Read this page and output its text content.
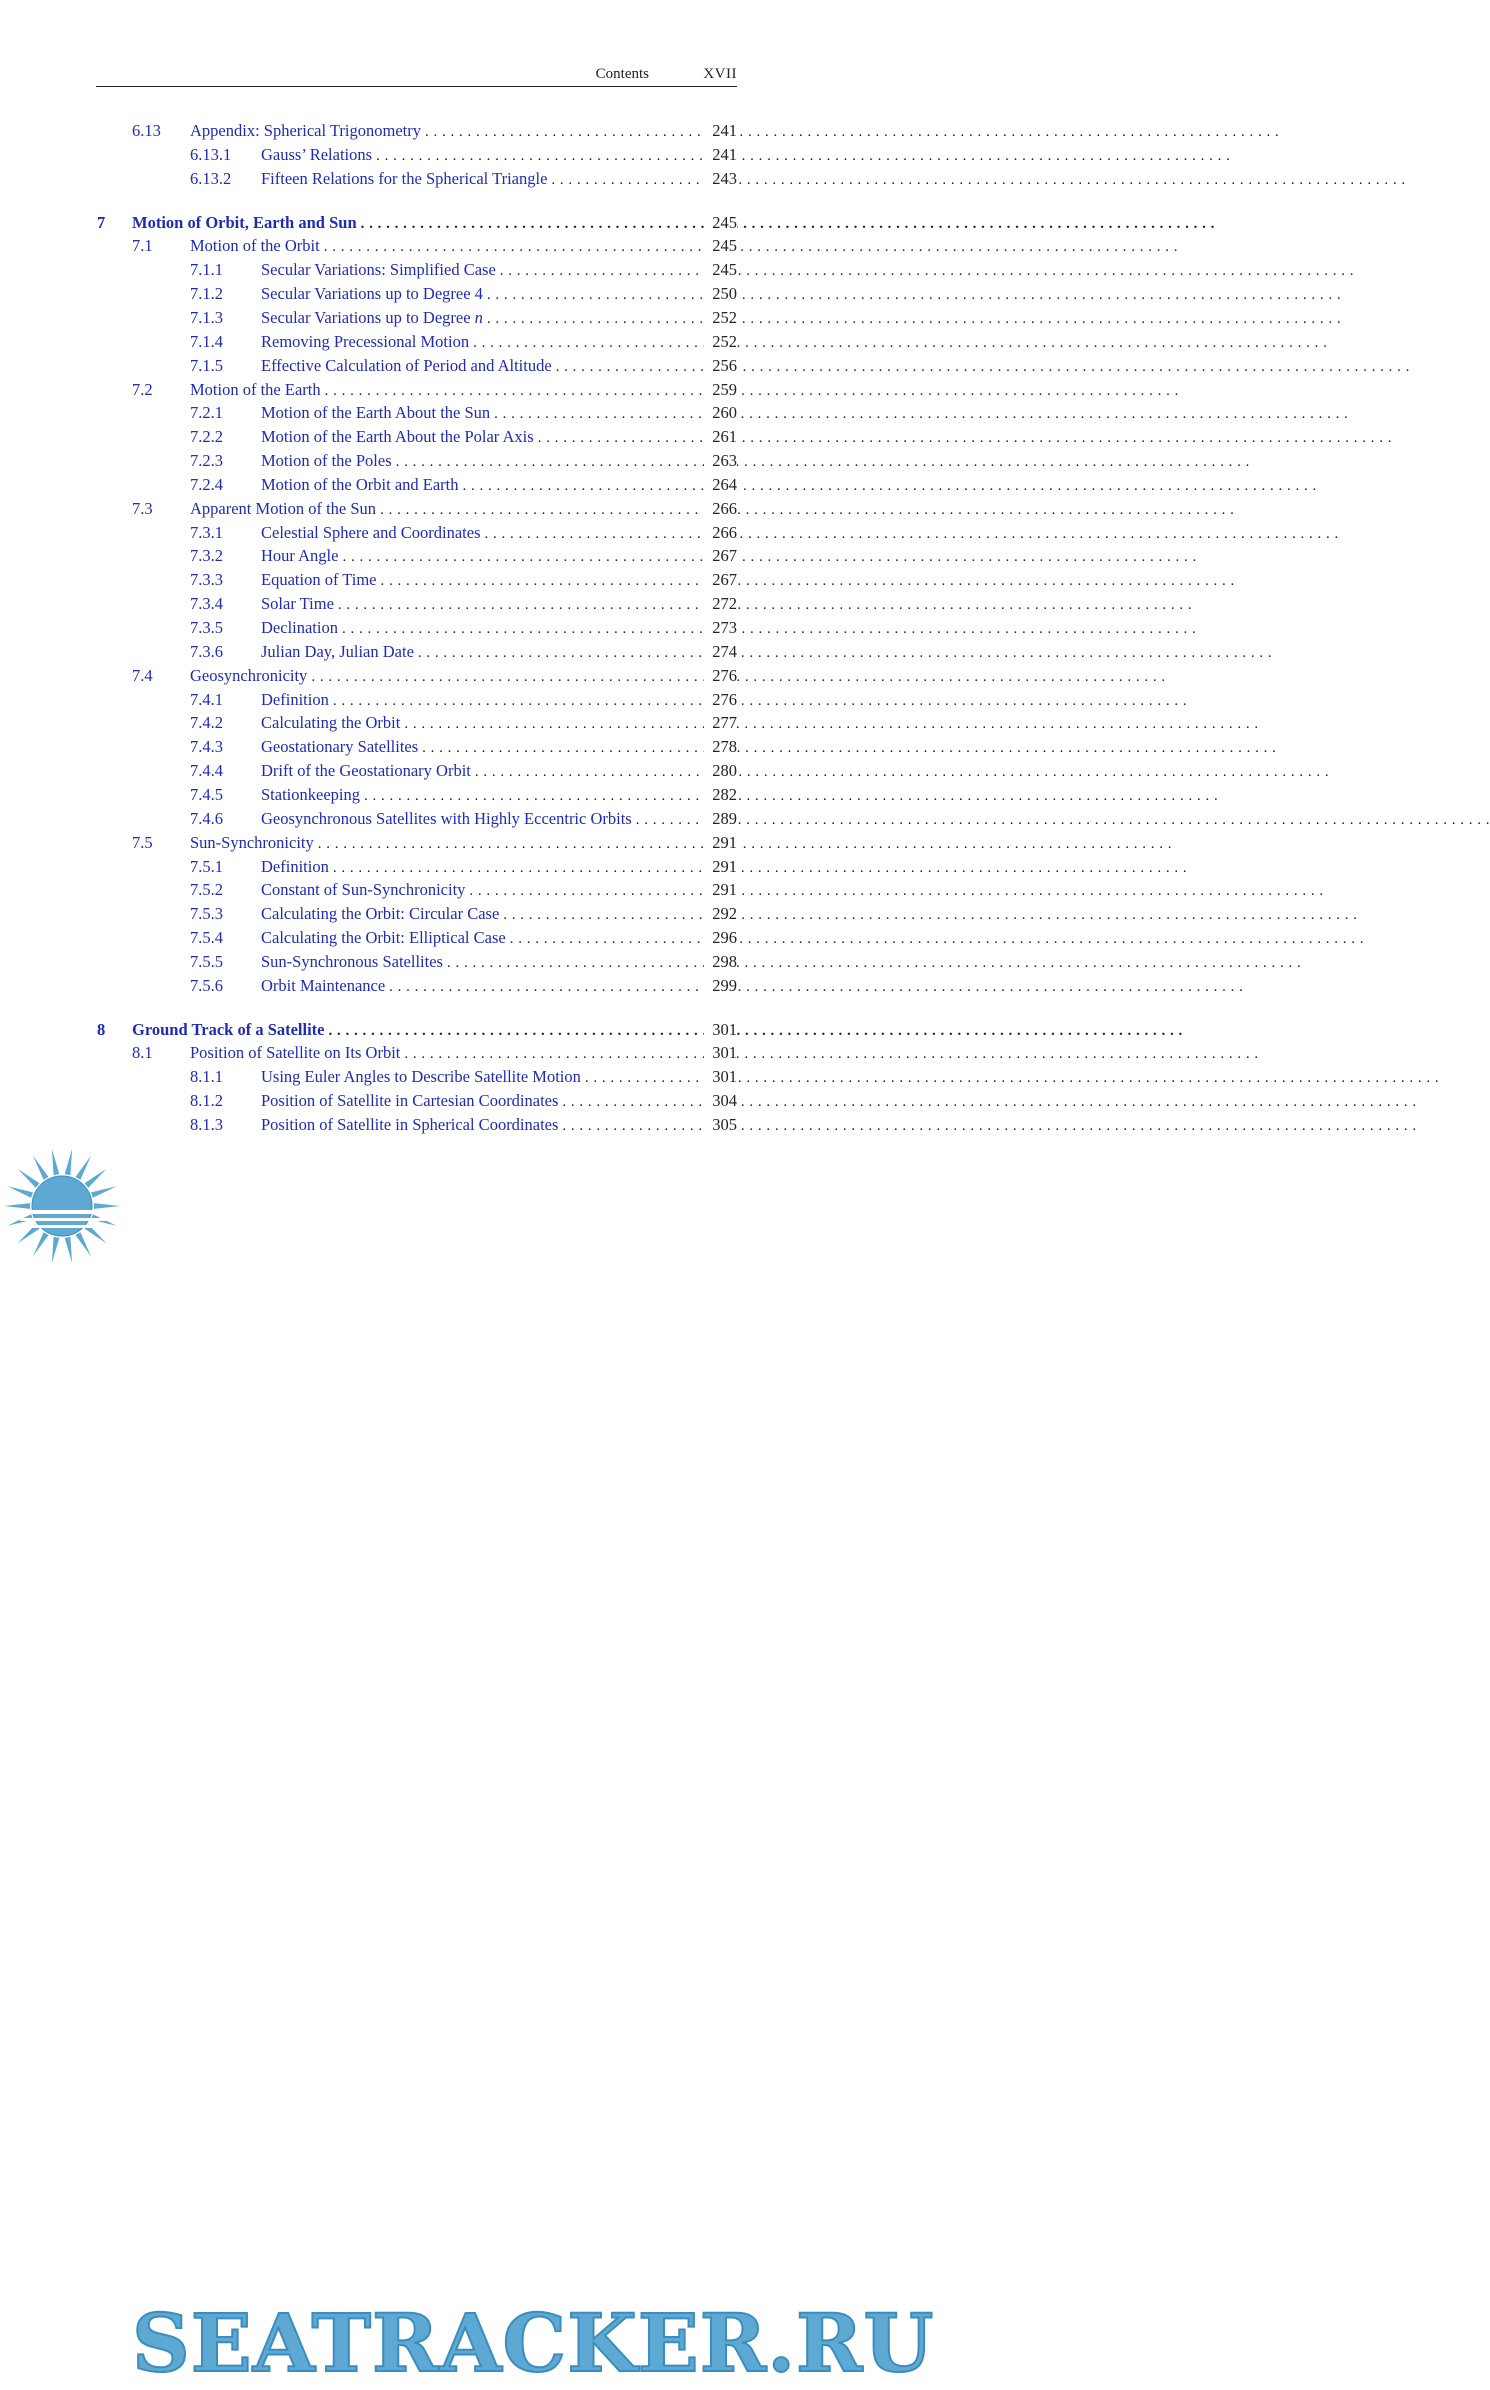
Contents	XVII
6.13 Appendix: Spherical Trigonometry . . .	241
6.13.1 Gauss’ Relations . . .	241
6.13.2 Fifteen Relations for the Spherical Triangle . . .	243
7 Motion of Orbit, Earth and Sun . . .	245
7.1 Motion of the Orbit . . .	245
7.1.1 Secular Variations: Simplified Case . . .	245
7.1.2 Secular Variations up to Degree 4 . . .	250
7.1.3 Secular Variations up to Degree n . . .	252
7.1.4 Removing Precessional Motion . . .	252
7.1.5 Effective Calculation of Period and Altitude . . .	256
7.2 Motion of the Earth . . .	259
7.2.1 Motion of the Earth About the Sun . . .	260
7.2.2 Motion of the Earth About the Polar Axis . . .	261
7.2.3 Motion of the Poles . . .	263
7.2.4 Motion of the Orbit and Earth . . .	264
7.3 Apparent Motion of the Sun . . .	266
7.3.1 Celestial Sphere and Coordinates . . .	266
7.3.2 Hour Angle . . .	267
7.3.3 Equation of Time . . .	267
7.3.4 Solar Time . . .	272
7.3.5 Declination . . .	273
7.3.6 Julian Day, Julian Date . . .	274
7.4 Geosynchronicity . . .	276
7.4.1 Definition . . .	276
7.4.2 Calculating the Orbit . . .	277
7.4.3 Geostationary Satellites . . .	278
7.4.4 Drift of the Geostationary Orbit . . .	280
7.4.5 Stationkeeping . . .	282
7.4.6 Geosynchronous Satellites with Highly Eccentric Orbits . . .	289
7.5 Sun-Synchronicity . . .	291
7.5.1 Definition . . .	291
7.5.2 Constant of Sun-Synchronicity . . .	291
7.5.3 Calculating the Orbit: Circular Case . . .	292
7.5.4 Calculating the Orbit: Elliptical Case . . .	296
7.5.5 Sun-Synchronous Satellites . . .	298
7.5.6 Orbit Maintenance . . .	299
8 Ground Track of a Satellite . . .	301
8.1 Position of Satellite on Its Orbit . . .	301
8.1.1 Using Euler Angles to Describe Satellite Motion . . .	301
8.1.2 Position of Satellite in Cartesian Coordinates . . .	304
8.1.3 Position of Satellite in Spherical Coordinates . . .	305
SEATRACKER.RU
